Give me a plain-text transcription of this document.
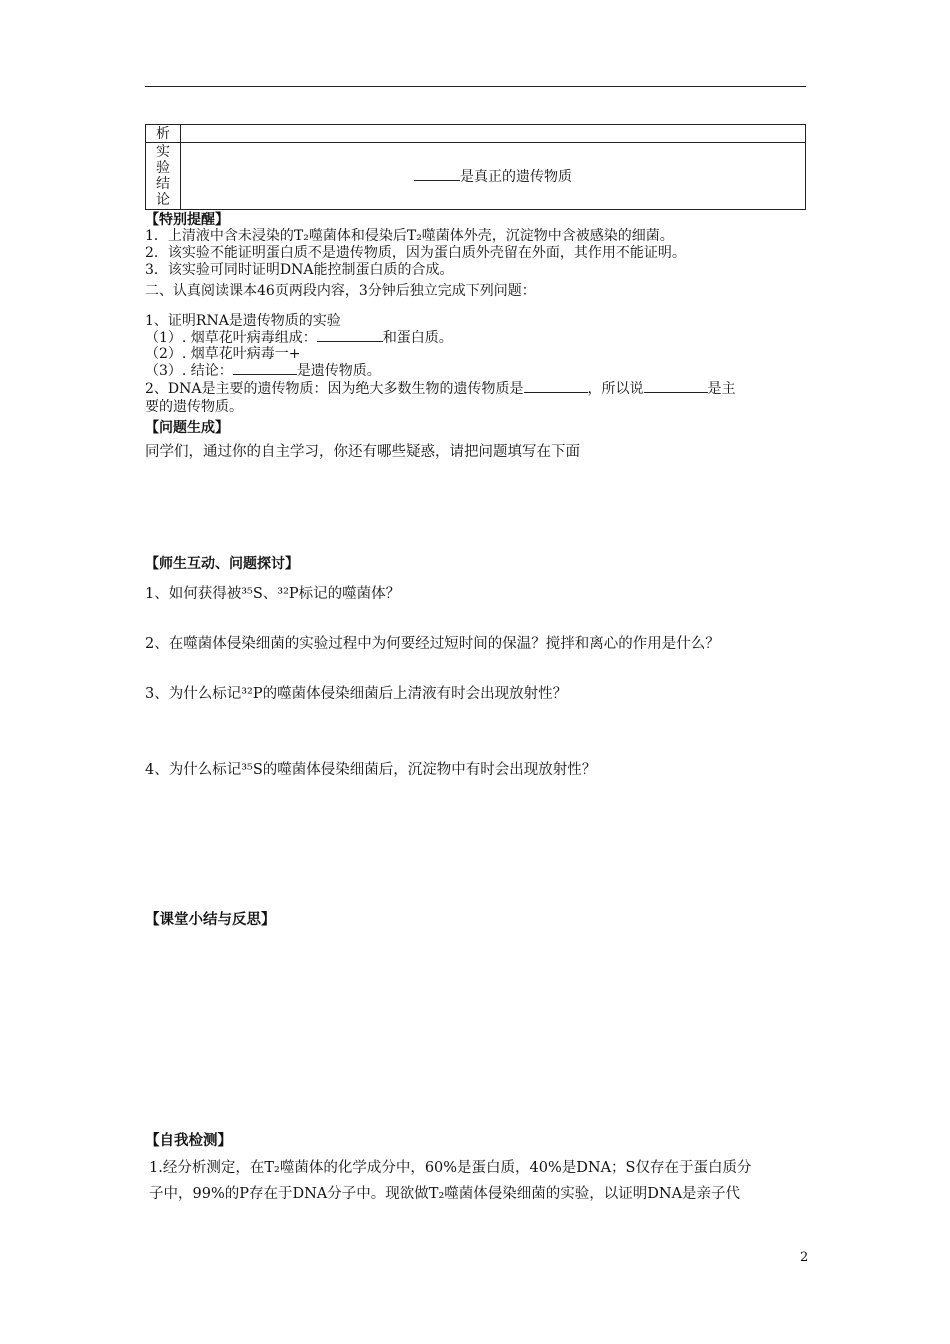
析	

实
验
结
论	是真正的遗传物质
【特别提醒】
1．上清液中含未浸染的T₂噬菌体和侵染后T₂噬菌体外壳，沉淀物中含被感染的细菌。
2．该实验不能证明蛋白质不是遗传物质，因为蛋白质外壳留在外面，其作用不能证明。
3．该实验可同时证明DNA能控制蛋白质的合成。
二、认真阅读课本46页两段内容，3分钟后独立完成下列问题：
1、证明RNA是遗传物质的实验
（1）. 烟草花叶病毒组成：	和蛋白质。
（2）. 烟草花叶病毒一+
（3）. 结论：	是遗传物质。
2、DNA是主要的遗传物质：因为绝大多数生物的遗传物质是	，所以说	是主
要的遗传物质。
【问题生成】
同学们，通过你的自主学习，你还有哪些疑惑，请把问题填写在下面
【师生互动、问题探讨】
1、如何获得被³⁵S、³²P标记的噬菌体？
2、在噬菌体侵染细菌的实验过程中为何要经过短时间的保温？搅拌和离心的作用是什么？
3、为什么标记³²P的噬菌体侵染细菌后上清液有时会出现放射性？
4、为什么标记³⁵S的噬菌体侵染细菌后，沉淀物中有时会出现放射性？
【课堂小结与反思】
【自我检测】
1.经分析测定，在T₂噬菌体的化学成分中，60%是蛋白质，40%是DNA；S仅存在于蛋白质分
子中，99%的P存在于DNA分子中。现欲做T₂噬菌体侵染细菌的实验，以证明DNA是亲子代
2
